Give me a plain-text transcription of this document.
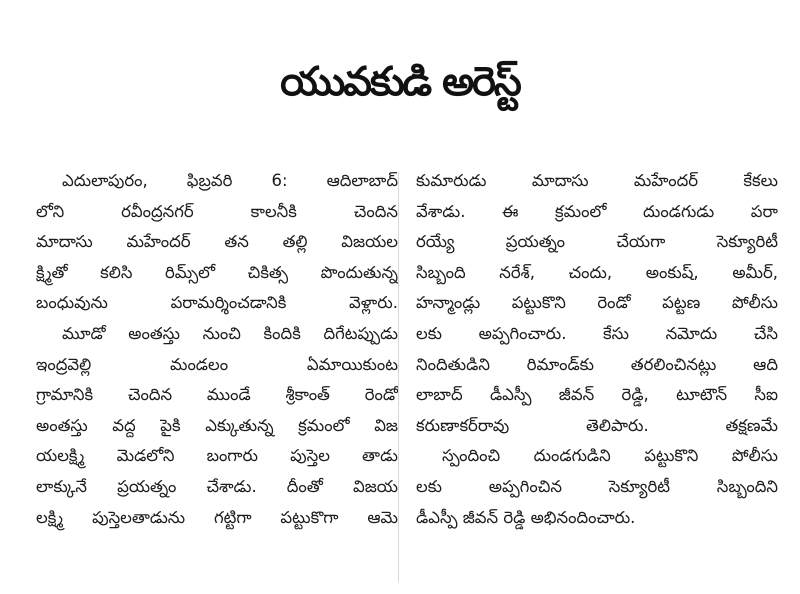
యువకుడి అరెస్ట్
ఎదులాపురం, ఫిబ్రవరి 6: ఆదిలాబాద్
లోని రవీంద్రనగర్ కాలనీకి చెందిన
మాదాసు మహేందర్ తన తల్లి విజయల
క్ష్మితో కలిసి రిమ్స్‌లో చికిత్స పొందుతున్న
బంధువును పరామర్శించడానికి వెళ్లారు.
మూడో అంతస్తు నుంచి కిందికి దిగేటప్పుడు
ఇంద్రవెల్లి మండలం ఏమాయికుంట
గ్రామానికి చెందిన ముండే శ్రీకాంత్ రెండో
అంతస్తు వద్ద పైకి ఎక్కుతున్న క్రమంలో విజ
యలక్ష్మి మెడలోని బంగారు పుస్తెల తాడు
లాక్కునే ప్రయత్నం చేశాడు. దీంతో విజయ
లక్ష్మి పుస్తెలతాడును గట్టిగా పట్టుకొగా ఆమె
కుమారుడు మాదాసు మహేందర్ కేకలు
వేశాడు. ఈ క్రమంలో దుండగుడు పరా
రయ్యే ప్రయత్నం చేయగా సెక్యూరిటీ
సిబ్బంది నరేశ్, చందు, అంకుష్, అమీర్,
హన్మాండ్లు పట్టుకొని రెండో పట్టణ పోలీసు
లకు అప్పగించారు. కేసు నమోదు చేసి
నిందితుడిని రిమాండ్‌కు తరలించినట్లు ఆది
లాబాద్ డీఎస్పీ జీవన్ రెడ్డి, టూటౌన్ సీఐ
కరుణాకర్‌రావు తెలిపారు. తక్షణమే
స్పందించి దుండగుడిని పట్టుకొని పోలీసు
లకు అప్పగించిన సెక్యూరిటీ సిబ్బందిని
డీఎస్పీ జీవన్ రెడ్డి అభినందించారు.
